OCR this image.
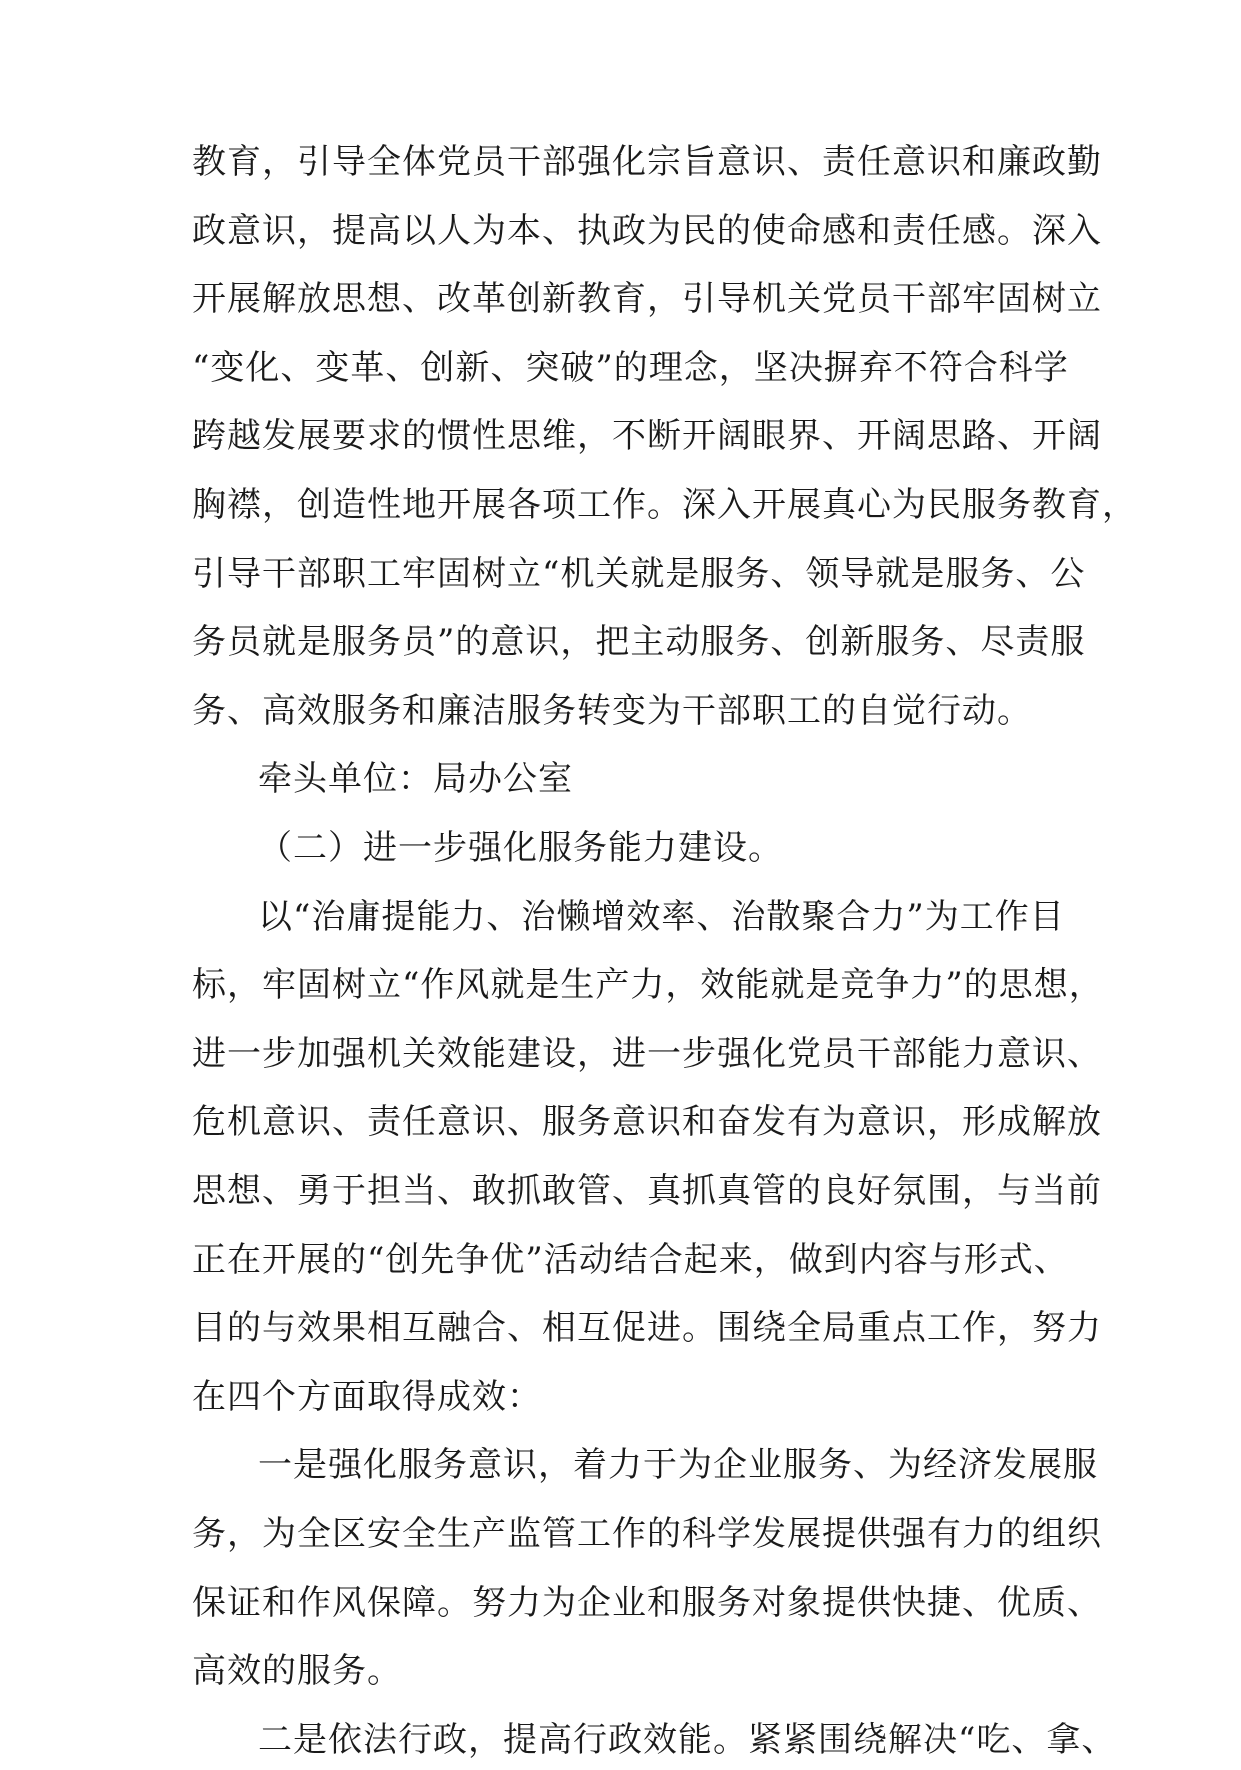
教育，引导全体党员干部强化宗旨意识、责任意识和廉政勤
政意识，提高以人为本、执政为民的使命感和责任感。深入
开展解放思想、改革创新教育，引导机关党员干部牢固树立
“变化、变革、创新、突破”的理念，坚决摒弃不符合科学
跨越发展要求的惯性思维，不断开阔眼界、开阔思路、开阔
胸襟，创造性地开展各项工作。深入开展真心为民服务教育，
引导干部职工牢固树立“机关就是服务、领导就是服务、公
务员就是服务员”的意识，把主动服务、创新服务、尽责服
务、高效服务和廉洁服务转变为干部职工的自觉行动。
牵头单位：局办公室
（二）进一步强化服务能力建设。
以“治庸提能力、治懒增效率、治散聚合力”为工作目
标，牢固树立“作风就是生产力，效能就是竞争力”的思想，
进一步加强机关效能建设，进一步强化党员干部能力意识、
危机意识、责任意识、服务意识和奋发有为意识，形成解放
思想、勇于担当、敢抓敢管、真抓真管的良好氛围，与当前
正在开展的“创先争优”活动结合起来，做到内容与形式、
目的与效果相互融合、相互促进。围绕全局重点工作，努力
在四个方面取得成效：
一是强化服务意识，着力于为企业服务、为经济发展服
务，为全区安全生产监管工作的科学发展提供强有力的组织
保证和作风保障。努力为企业和服务对象提供快捷、优质、
高效的服务。
二是依法行政，提高行政效能。紧紧围绕解决“吃、拿、
